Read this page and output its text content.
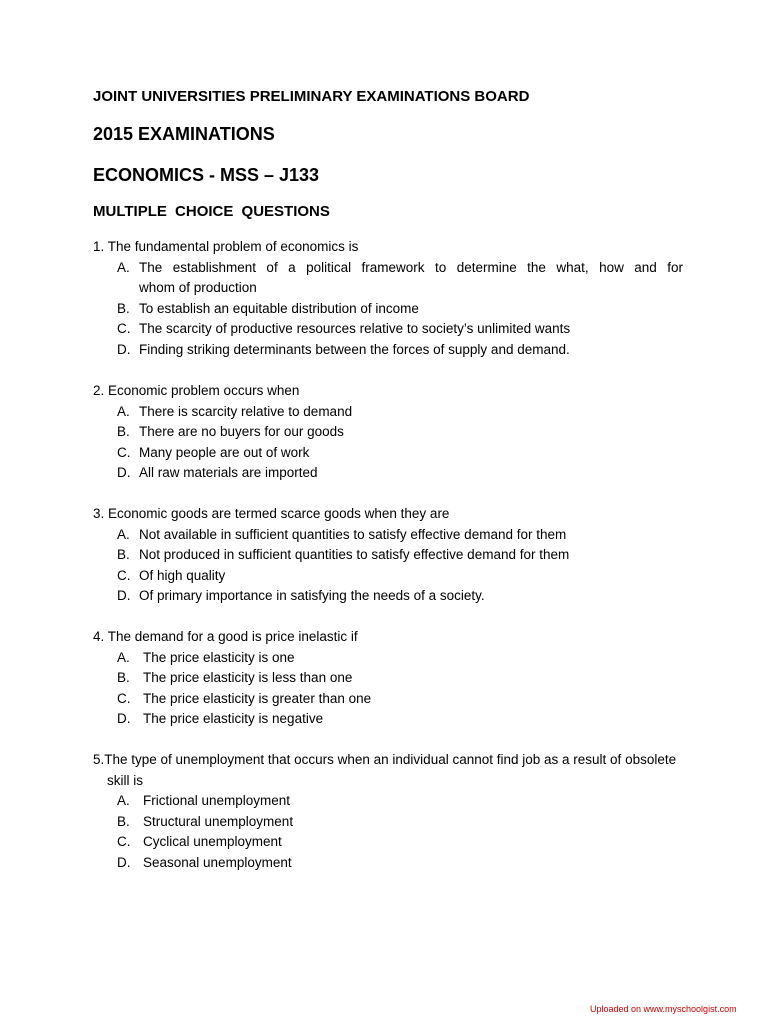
JOINT UNIVERSITIES PRELIMINARY EXAMINATIONS BOARD
2015 EXAMINATIONS
ECONOMICS - MSS – J133
MULTIPLE CHOICE QUESTIONS
1. The fundamental problem of economics is
A. The establishment of a political framework to determine the what, how and for
whom of production
B. To establish an equitable distribution of income
C. The scarcity of productive resources relative to society’s unlimited wants
D. Finding striking determinants between the forces of supply and demand.
2. Economic problem occurs when
A. There is scarcity relative to demand
B. There are no buyers for our goods
C. Many people are out of work
D. All raw materials are imported
3. Economic goods are termed scarce goods when they are
A. Not available in sufficient quantities to satisfy effective demand for them
B. Not produced in sufficient quantities to satisfy effective demand for them
C. Of high quality
D. Of primary importance in satisfying the needs of a society.
4. The demand for a good is price inelastic if
A. The price elasticity is one
B. The price elasticity is less than one
C. The price elasticity is greater than one
D. The price elasticity is negative
5.The type of unemployment that occurs when an individual cannot find job as a result of obsolete skill is
A. Frictional unemployment
B. Structural unemployment
C. Cyclical unemployment
D. Seasonal unemployment
Uploaded on www.myschoolgist.com
